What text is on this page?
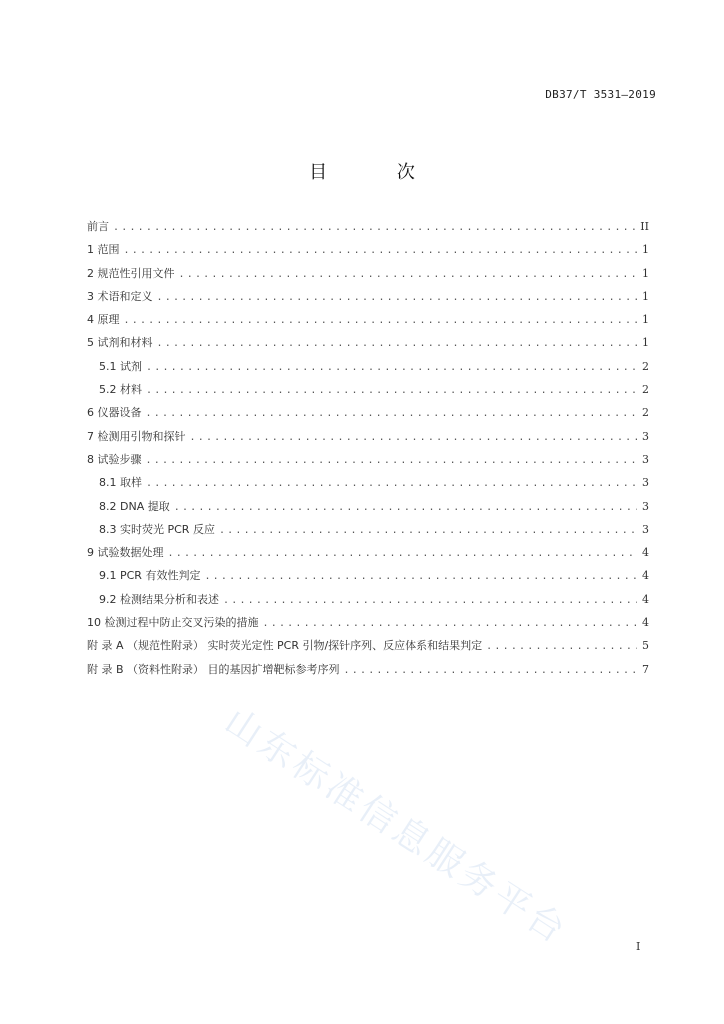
DB37/T 3531—2019
目 次
前言 .....	II
1 范围 .....	1
2 规范性引用文件 .....	1
3 术语和定义 .....	1
4 原理 .....	1
5 试剂和材料 .....	1
5.1 试剂 .....	2
5.2 材料 .....	2
6 仪器设备 .....	2
7 检测用引物和探针 .....	3
8 试验步骤 .....	3
8.1 取样 .....	3
8.2 DNA 提取 .....	3
8.3 实时荧光 PCR 反应 .....	3
9 试验数据处理 .....	4
9.1 PCR 有效性判定 .....	4
9.2 检测结果分析和表述 .....	4
10 检测过程中防止交叉污染的措施 .....	4
附 录 A （规范性附录） 实时荧光定性 PCR 引物/探针序列、反应体系和结果判定 .....	5
附 录 B （资料性附录） 目的基因扩增靶标参考序列 .....	7
山东标准信息服务平台	I
